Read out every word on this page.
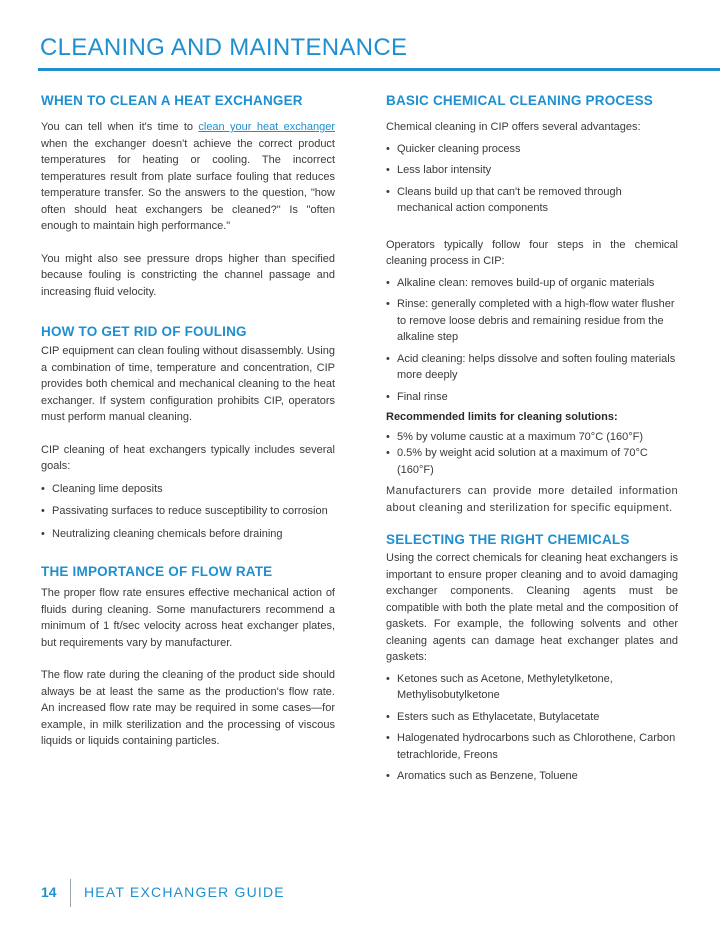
CLEANING AND MAINTENANCE
WHEN TO CLEAN A HEAT EXCHANGER

You can tell when it's time to clean your heat exchanger when the exchanger doesn't achieve the correct product temperatures for heating or cooling. The incorrect temperatures result from plate surface fouling that reduces temperature transfer. So the answers to the question, "how often should heat exchangers be cleaned?" Is "often enough to maintain high performance."

You might also see pressure drops higher than specified because fouling is constricting the channel passage and increasing fluid velocity.

HOW TO GET RID OF FOULING

CIP equipment can clean fouling without disassembly. Using a combination of time, temperature and concentration, CIP provides both chemical and mechanical cleaning to the heat exchanger. If system configuration prohibits CIP, operators must perform manual cleaning.

CIP cleaning of heat exchangers typically includes several goals:

• Cleaning lime deposits
• Passivating surfaces to reduce susceptibility to corrosion
• Neutralizing cleaning chemicals before draining
THE IMPORTANCE OF FLOW RATE

The proper flow rate ensures effective mechanical action of fluids during cleaning. Some manufacturers recommend a minimum of 1 ft/sec velocity across heat exchanger plates, but requirements vary by manufacturer.

The flow rate during the cleaning of the product side should always be at least the same as the production's flow rate. An increased flow rate may be required in some cases—for example, in milk sterilization and the processing of viscous liquids or liquids containing particles.

BASIC CHEMICAL CLEANING PROCESS

Chemical cleaning in CIP offers several advantages:

• Quicker cleaning process
• Less labor intensity
• Cleans build up that can't be removed through mechanical action components

Operators typically follow four steps in the chemical cleaning process in CIP:

• Alkaline clean: removes build-up of organic materials
• Rinse: generally completed with a high-flow water flusher to remove loose debris and remaining residue from the alkaline step
• Acid cleaning: helps dissolve and soften fouling materials more deeply
• Final rinse
Recommended limits for cleaning solutions:
• 5% by volume caustic at a maximum 70°C (160°F)
• 0.5% by weight acid solution at a maximum of 70°C (160°F)

Manufacturers can provide more detailed information about cleaning and sterilization for specific equipment.

SELECTING THE RIGHT CHEMICALS

Using the correct chemicals for cleaning heat exchangers is important to ensure proper cleaning and to avoid damaging exchanger components. Cleaning agents must be compatible with both the plate metal and the composition of gaskets. For example, the following solvents and other cleaning agents can damage heat exchanger plates and gaskets:

• Ketones such as Acetone, Methyletylketone, Methylisobutylketone
• Esters such as Ethylacetate, Butylacetate
• Halogenated hydrocarbons such as Chlorothene, Carbon tetrachloride, Freons
• Aromatics such as Benzene, Toluene
14 HEAT EXCHANGER GUIDE
